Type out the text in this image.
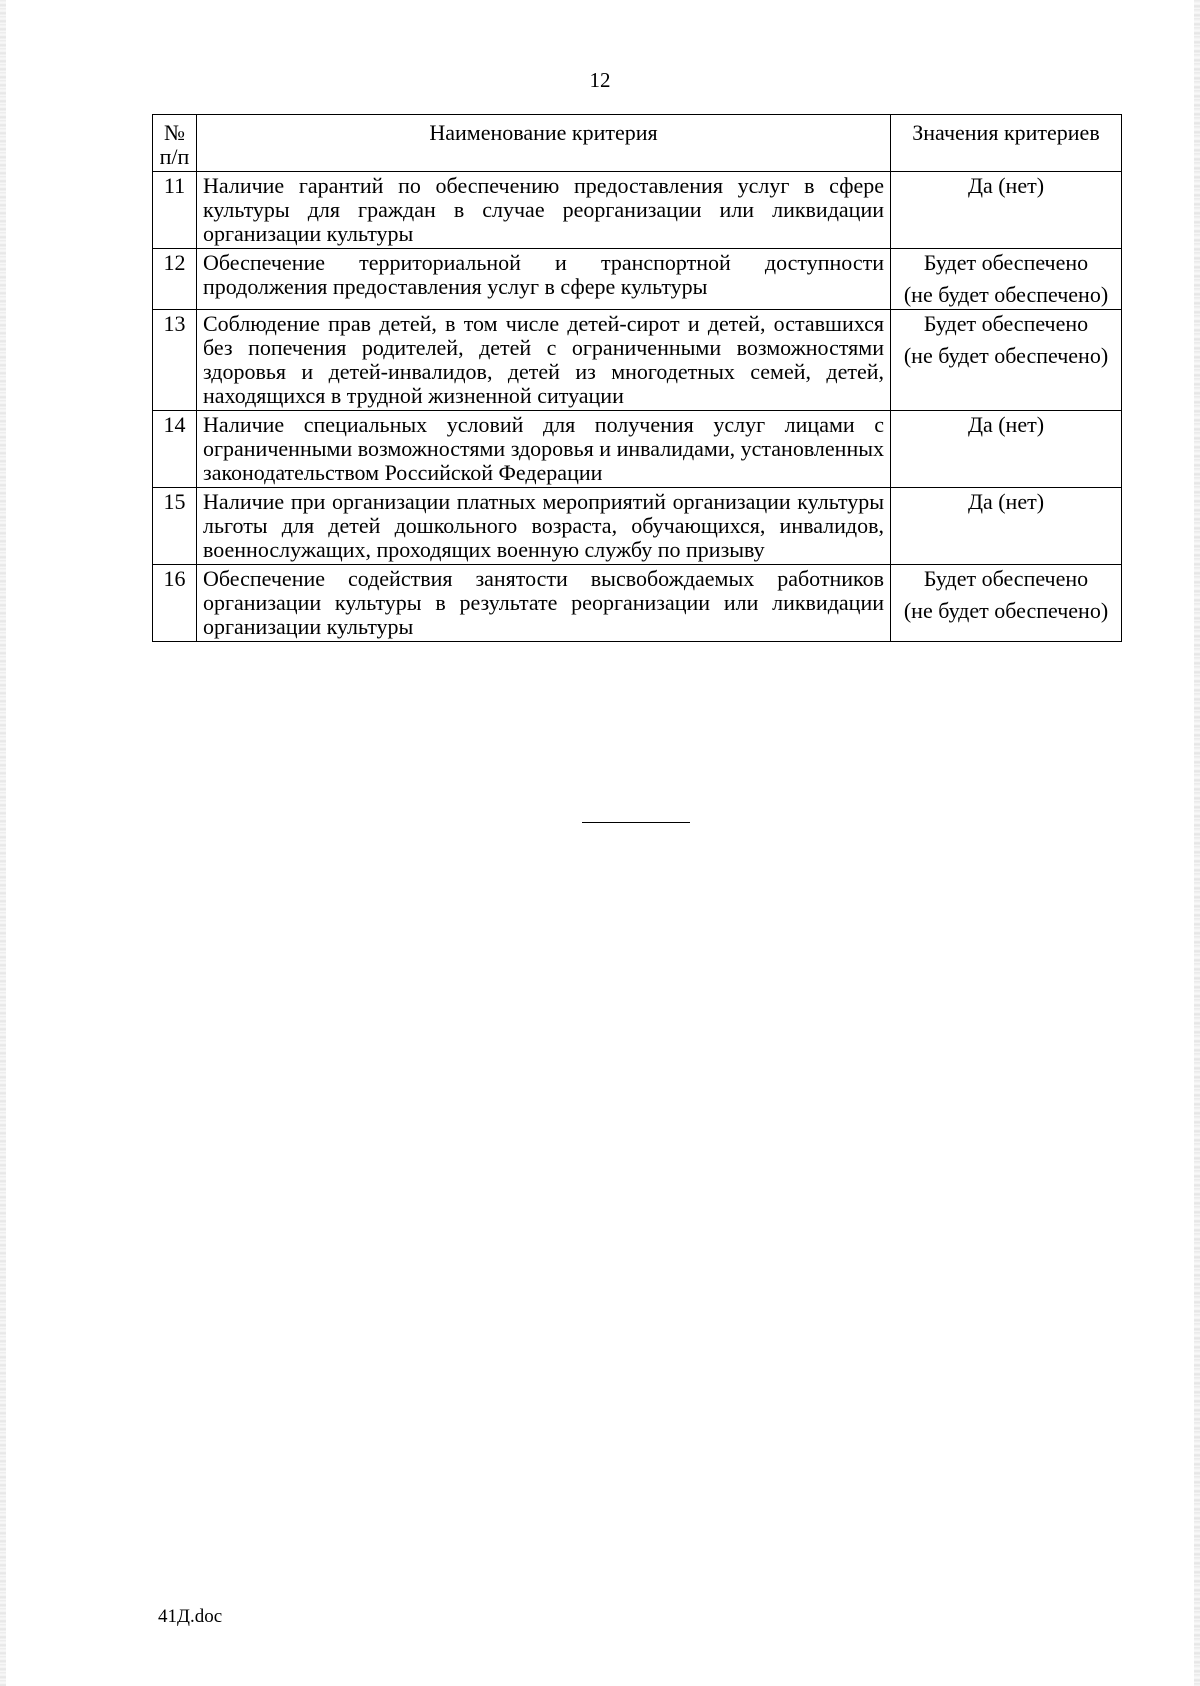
12
№ п/п	Наименование критерия	Значения критериев
11	Наличие гарантий по обеспечению предоставления услуг в сфере культуры для граждан в случае реорганизации или ликвидации организации культуры	Да (нет)

12	Обеспечение территориальной и транспортной доступности продолжения предоставления услуг в сфере культуры	Будет обеспечено
(не будет обеспечено)

13	Соблюдение прав детей, в том числе детей-сирот и детей, оставшихся без попечения родителей, детей с ограниченными возможностями здоровья и детей-инвалидов, детей из многодетных семей, детей, находящихся в трудной жизненной ситуации	Будет обеспечено
(не будет обеспечено)

14	Наличие специальных условий для получения услуг лицами с ограниченными возможностями здоровья и инвалидами, установленных законодательством Российской Федерации	Да (нет)

15	Наличие при организации платных мероприятий организации культуры льготы для детей дошкольного возраста, обучающихся, инвалидов, военнослужащих, проходящих военную службу по призыву	Да (нет)

16	Обеспечение содействия занятости высвобождаемых работников организации культуры в результате реорганизации или ликвидации организации культуры	Будет обеспечено
(не будет обеспечено)
41Д.doc
